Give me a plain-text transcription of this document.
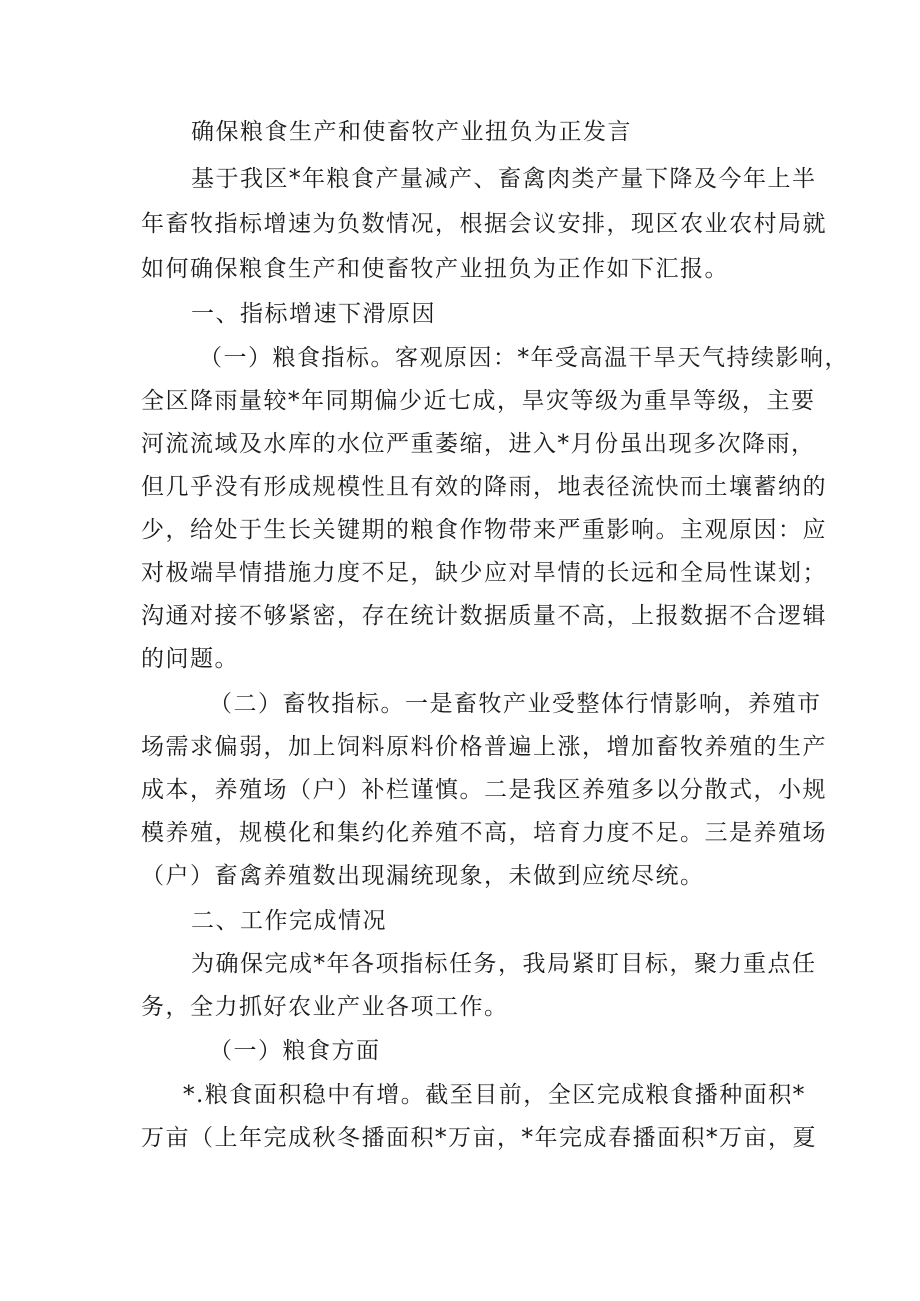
确保粮食生产和使畜牧产业扭负为正发言
基于我区*年粮食产量减产、畜禽肉类产量下降及今年上半
年畜牧指标增速为负数情况，根据会议安排，现区农业农村局就
如何确保粮食生产和使畜牧产业扭负为正作如下汇报。
一、指标增速下滑原因
（一）粮食指标。客观原因：*年受高温干旱天气持续影响，
全区降雨量较*年同期偏少近七成，旱灾等级为重旱等级，主要
河流流域及水库的水位严重萎缩，进入*月份虽出现多次降雨，
但几乎没有形成规模性且有效的降雨，地表径流快而土壤蓄纳的
少，给处于生长关键期的粮食作物带来严重影响。主观原因：应
对极端旱情措施力度不足，缺少应对旱情的长远和全局性谋划；
沟通对接不够紧密，存在统计数据质量不高，上报数据不合逻辑
的问题。
（二）畜牧指标。一是畜牧产业受整体行情影响，养殖市
场需求偏弱，加上饲料原料价格普遍上涨，增加畜牧养殖的生产
成本，养殖场（户）补栏谨慎。二是我区养殖多以分散式，小规
模养殖，规模化和集约化养殖不高，培育力度不足。三是养殖场
（户）畜禽养殖数出现漏统现象，未做到应统尽统。
二、工作完成情况
为确保完成*年各项指标任务，我局紧盯目标，聚力重点任
务，全力抓好农业产业各项工作。
（一）粮食方面
*.粮食面积稳中有增。截至目前，全区完成粮食播种面积*
万亩（上年完成秋冬播面积*万亩，*年完成春播面积*万亩，夏
